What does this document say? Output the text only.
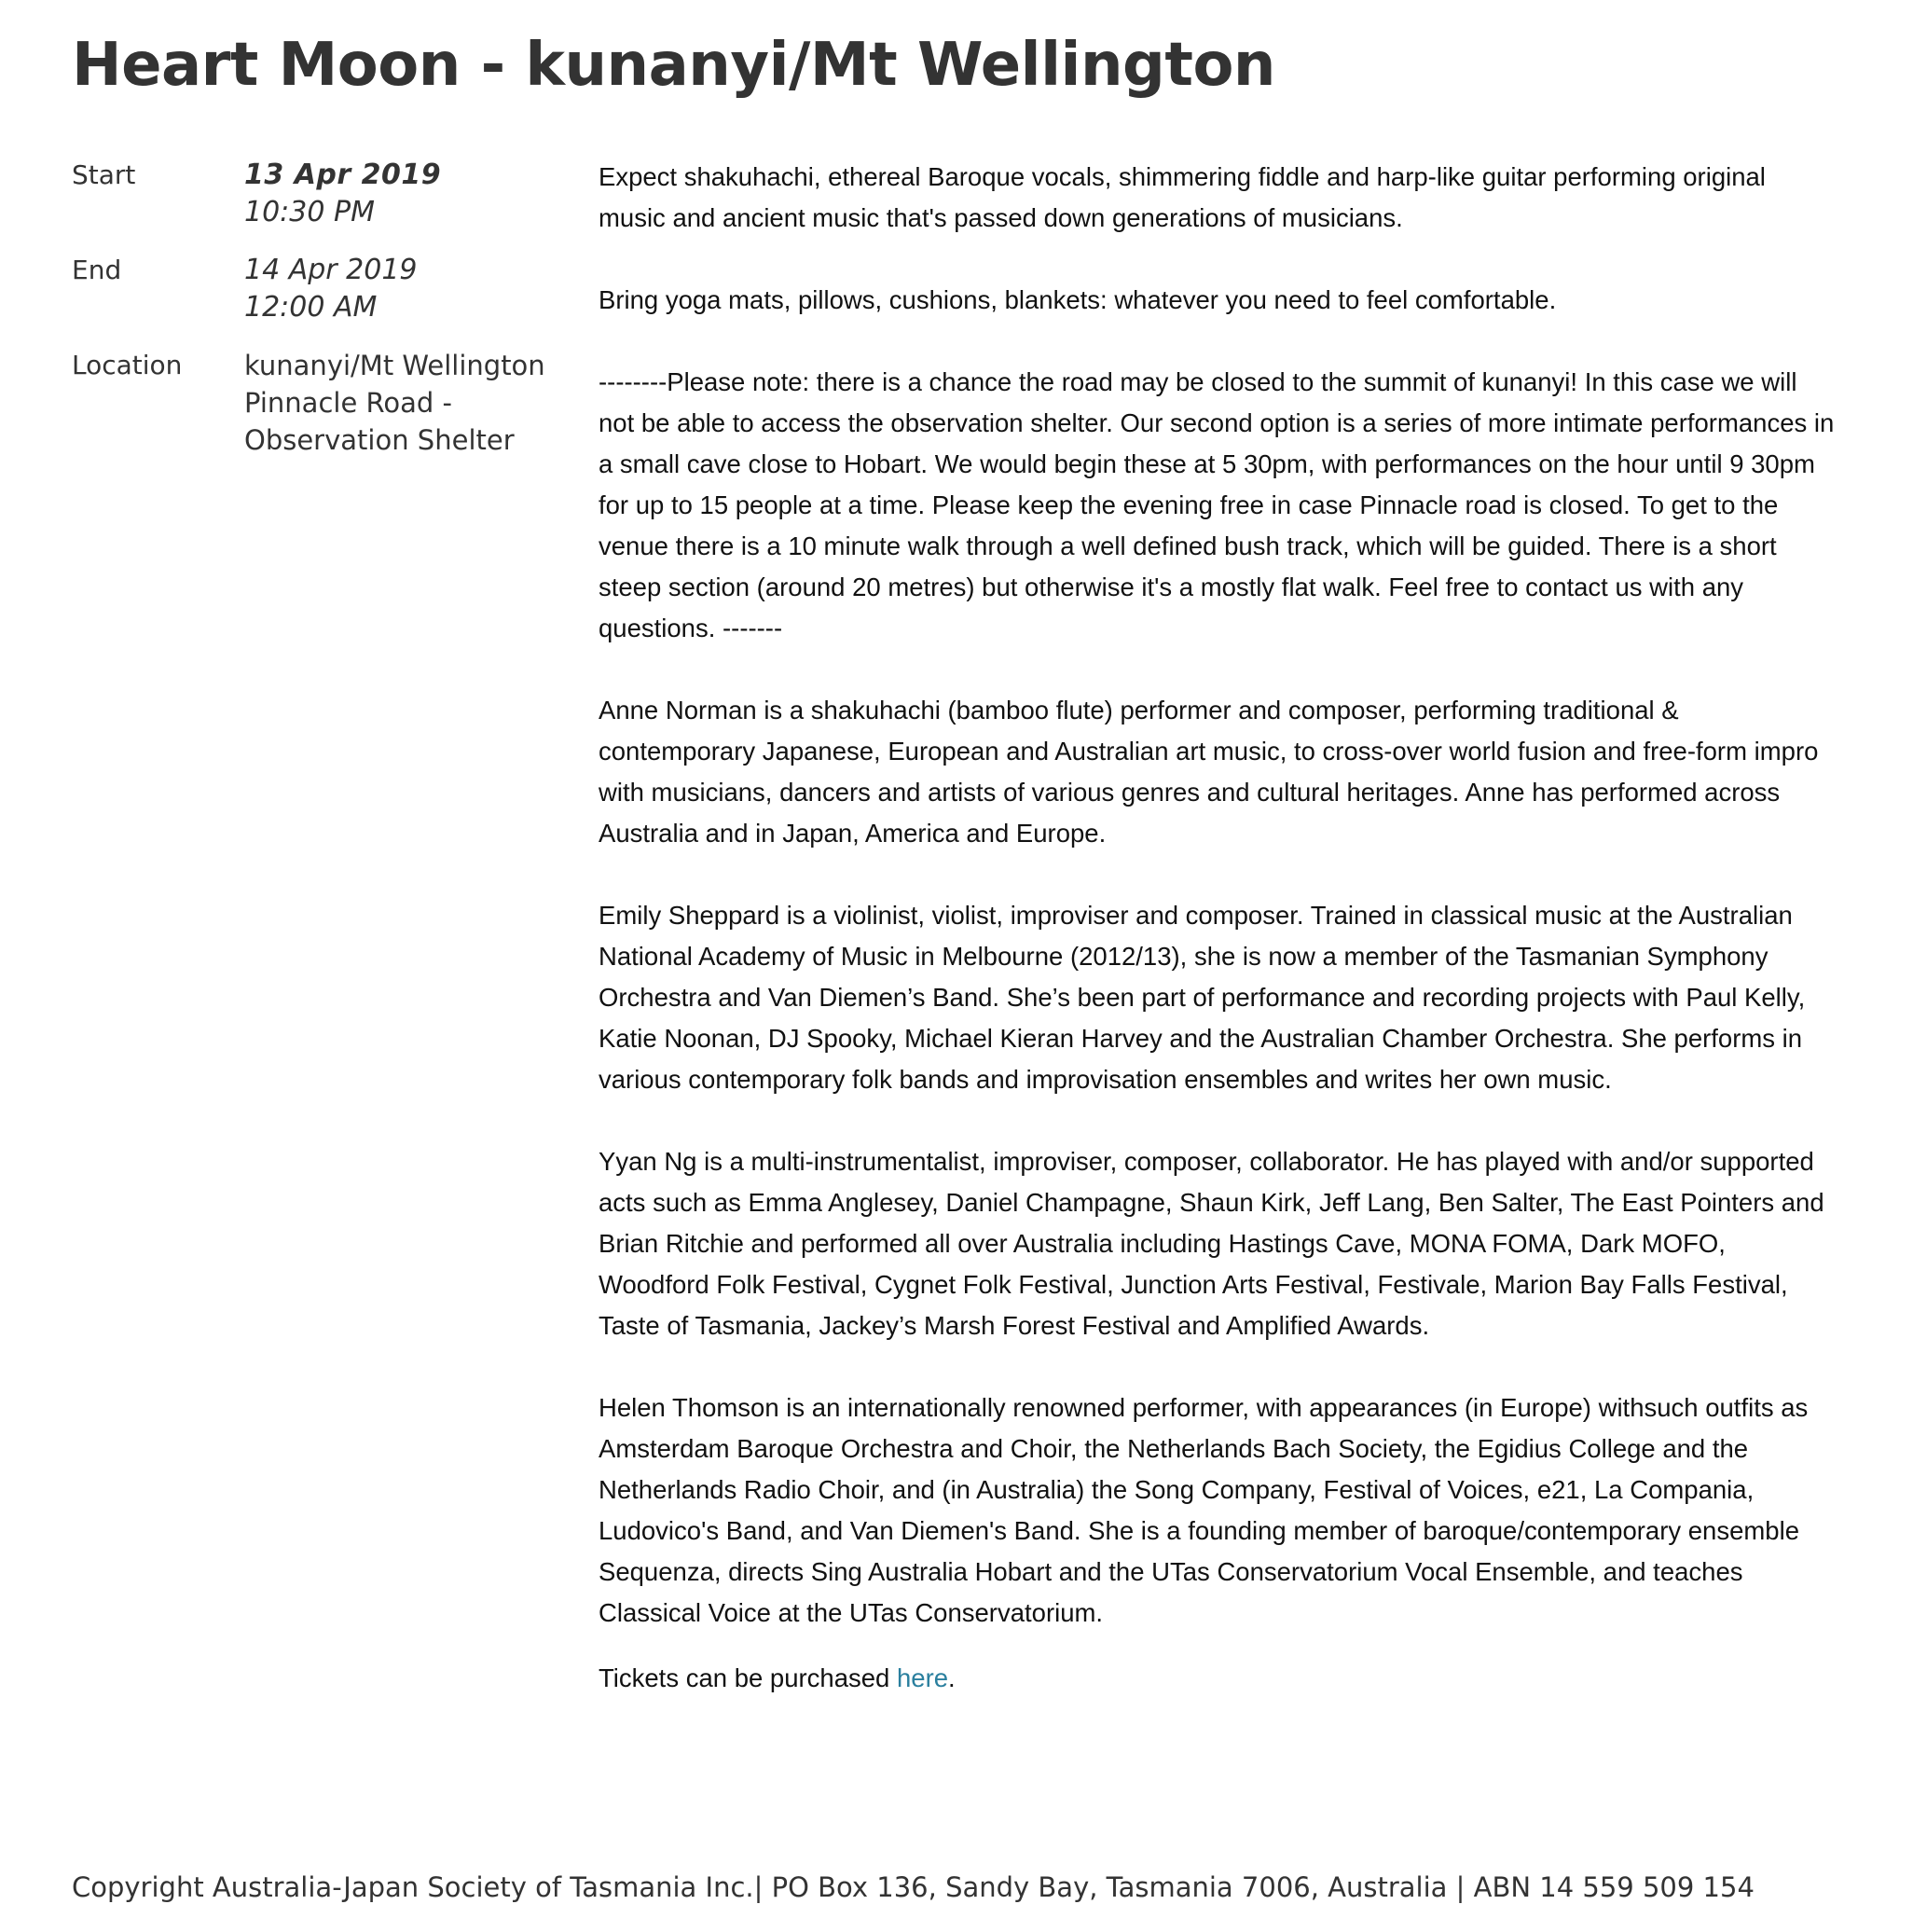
Heart Moon - kunanyi/Mt Wellington
Start	13 Apr 2019
10:30 PM
End	14 Apr 2019
12:00 AM
Location kunanyi/Mt Wellington
Pinnacle Road -
Observation Shelter

Expect shakuhachi, ethereal Baroque vocals, shimmering fiddle and harp-like guitar performing original music and ancient music that's passed down generations of musicians.

Bring yoga mats, pillows, cushions, blankets: whatever you need to feel comfortable.

--------Please note: there is a chance the road may be closed to the summit of kunanyi! In this case we will not be able to access the observation shelter. Our second option is a series of more intimate performances in a small cave close to Hobart. We would begin these at 5 30pm, with performances on the hour until 9 30pm for up to 15 people at a time. Please keep the evening free in case Pinnacle road is closed. To get to the venue there is a 10 minute walk through a well defined bush track, which will be guided. There is a short steep section (around 20 metres) but otherwise it's a mostly flat walk. Feel free to contact us with any questions. -------

Anne Norman is a shakuhachi (bamboo flute) performer and composer, performing traditional & contemporary Japanese, European and Australian art music, to cross-over world fusion and free-form impro with musicians, dancers and artists of various genres and cultural heritages. Anne has performed across Australia and in Japan, America and Europe.

Emily Sheppard is a violinist, violist, improviser and composer. Trained in classical music at the Australian National Academy of Music in Melbourne (2012/13), she is now a member of the Tasmanian Symphony Orchestra and Van Diemen’s Band. She’s been part of performance and recording projects with Paul Kelly, Katie Noonan, DJ Spooky, Michael Kieran Harvey and the Australian Chamber Orchestra. She performs in various contemporary folk bands and improvisation ensembles and writes her own music.

Yyan Ng is a multi-instrumentalist, improviser, composer, collaborator. He has played with and/or supported acts such as Emma Anglesey, Daniel Champagne, Shaun Kirk, Jeff Lang, Ben Salter, The East Pointers and Brian Ritchie and performed all over Australia including Hastings Cave, MONA FOMA, Dark MOFO, Woodford Folk Festival, Cygnet Folk Festival, Junction Arts Festival, Festivale, Marion Bay Falls Festival, Taste of Tasmania, Jackey’s Marsh Forest Festival and Amplified Awards.

Helen Thomson is an internationally renowned performer, with appearances (in Europe) withsuch outfits as Amsterdam Baroque Orchestra and Choir, the Netherlands Bach Society, the Egidius College and the Netherlands Radio Choir, and (in Australia) the Song Company, Festival of Voices, e21, La Compania, Ludovico's Band, and Van Diemen's Band. She is a founding member of baroque/contemporary ensemble Sequenza, directs Sing Australia Hobart and the UTas Conservatorium Vocal Ensemble, and teaches Classical Voice at the UTas Conservatorium.

Tickets can be purchased here.

Copyright Australia-Japan Society of Tasmania Inc.| PO Box 136, Sandy Bay, Tasmania 7006, Australia | ABN 14 559 509 154
